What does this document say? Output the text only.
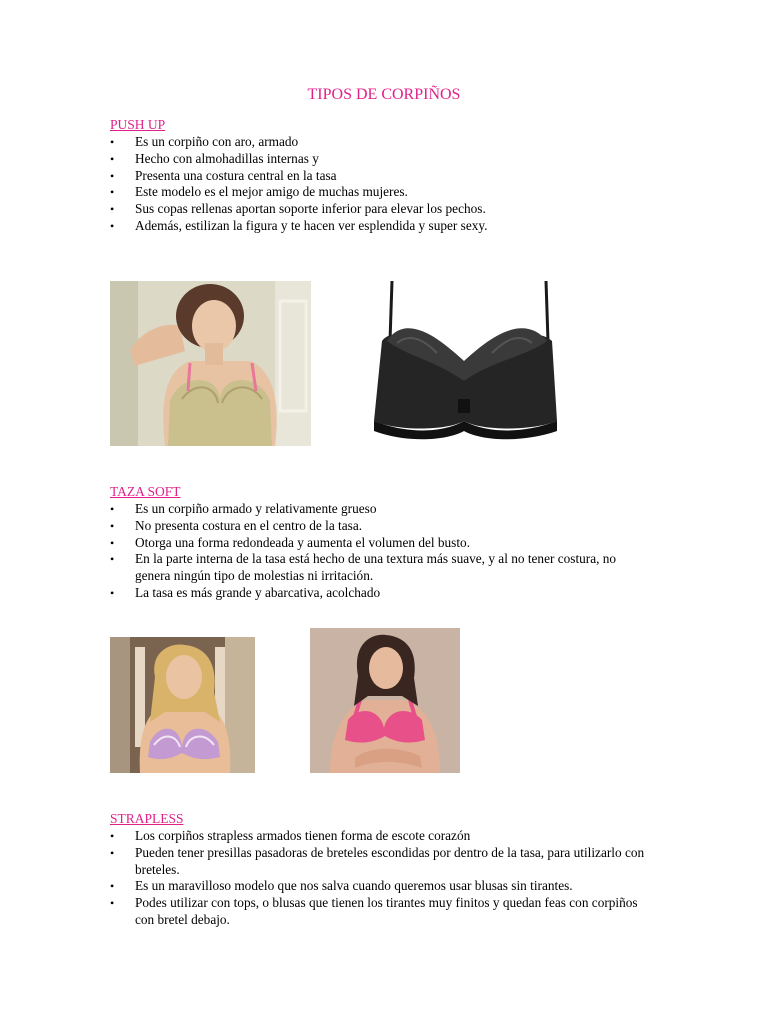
TIPOS DE CORPIÑOS
PUSH UP
• Es un corpiño con aro, armado
• Hecho con almohadillas internas y
• Presenta una costura central en la tasa
• Este modelo es el mejor amigo de muchas mujeres.
• Sus copas rellenas aportan soporte inferior para elevar los pechos.
• Además, estilizan la figura y te hacen ver esplendida y super sexy.
TAZA SOFT
• Es un corpiño armado y relativamente grueso
• No presenta costura en el centro de la tasa.
• Otorga una forma redondeada y aumenta el volumen del busto.
• En la parte interna de la tasa está hecho de una textura más suave, y al no tener costura, no genera ningún tipo de molestias ni irritación.
• La tasa es más grande y abarcativa, acolchado
STRAPLESS
• Los corpiños strapless armados tienen forma de escote corazón
• Pueden tener presillas pasadoras de breteles escondidas por dentro de la tasa, para utilizarlo con breteles.
• Es un maravilloso modelo que nos salva cuando queremos usar blusas sin tirantes.
• Podes utilizar con tops, o blusas que tienen los tirantes muy finitos y quedan feas con corpiños con bretel debajo.
